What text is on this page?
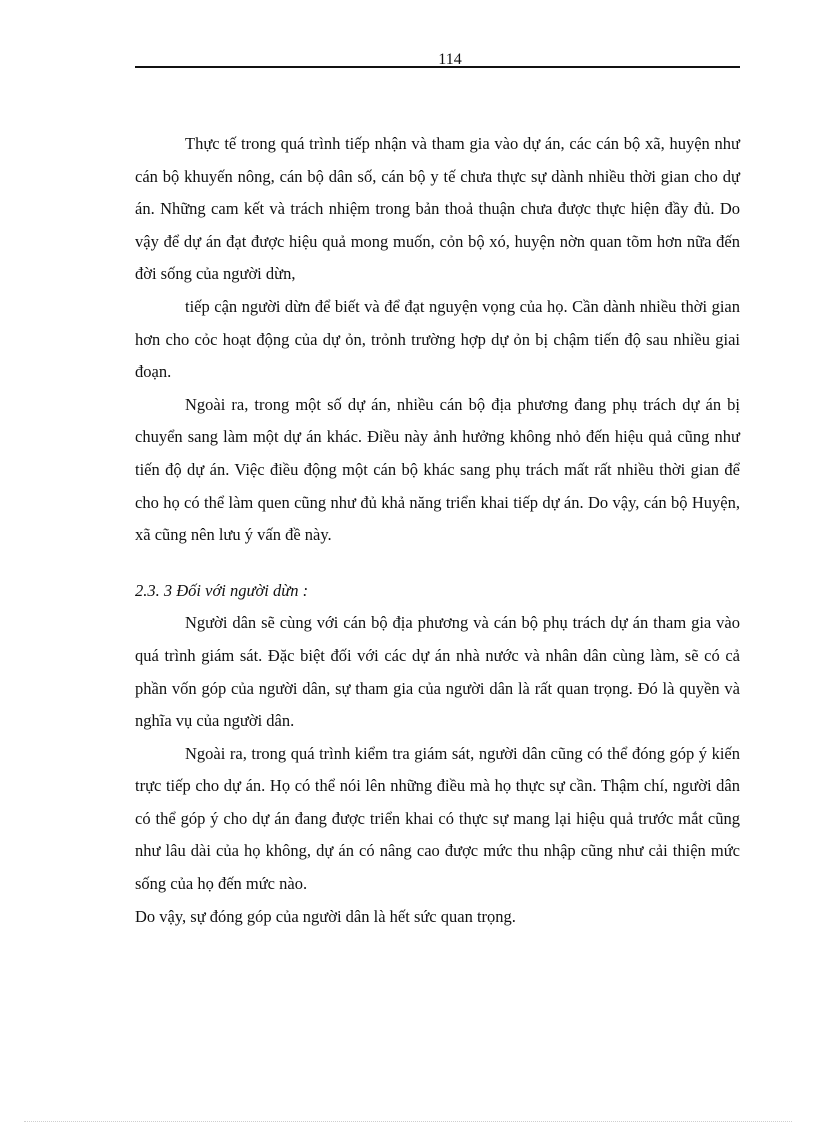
114

Thực tế trong quá trình tiếp nhận và tham gia vào dự án, các cán bộ xã, huyện như cán bộ khuyến nông, cán bộ dân số, cán bộ y tế chưa thực sự dành nhiều thời gian cho dự án. Những cam kết và trách nhiệm trong bản thoả thuận chưa được thực hiện đầy đủ. Do vậy để dự án đạt được hiệu quả mong muốn, cỏn bộ xó, huyện nờn quan tõm hơn nữa đến đời sống của người dừn,

tiếp cận người dừn để biết và để đạt nguyện vọng của họ. Cần dành nhiều thời gian hơn cho cỏc hoạt động của dự ỏn, trỏnh trường hợp dự ỏn bị chậm tiến độ sau nhiều giai đoạn.

Ngoài ra, trong một số dự án, nhiều cán bộ địa phương đang phụ trách dự án bị chuyển sang làm một dự án khác. Điều này ảnh hưởng không nhỏ đến hiệu quả cũng như tiến độ dự án. Việc điều động một cán bộ khác sang phụ trách mất rất nhiều thời gian để cho họ có thể làm quen cũng như đủ khả năng triển khai tiếp dự án. Do vậy, cán bộ Huyện, xã cũng nên lưu ý vấn đề này.

2.3. 3 Đối với người dừn :

Người dân sẽ cùng với cán bộ địa phương và cán bộ phụ trách dự án tham gia vào quá trình giám sát. Đặc biệt đối với các dự án nhà nước và nhân dân cùng làm, sẽ có cả phần vốn góp của người dân, sự tham gia của người dân là rất quan trọng. Đó là quyền và nghĩa vụ của người dân.

Ngoài ra, trong quá trình kiểm tra giám sát, người dân cũng có thể đóng góp ý kiến trực tiếp cho dự án. Họ có thể nói lên những điều mà họ thực sự cần. Thậm chí, người dân có thể góp ý cho dự án đang được triển khai có thực sự mang lại hiệu quả trước mắt cũng như lâu dài của họ không, dự án có nâng cao được mức thu nhập cũng như cải thiện mức sống của họ đến mức nào.

Do vậy, sự đóng góp của người dân là hết sức quan trọng.
